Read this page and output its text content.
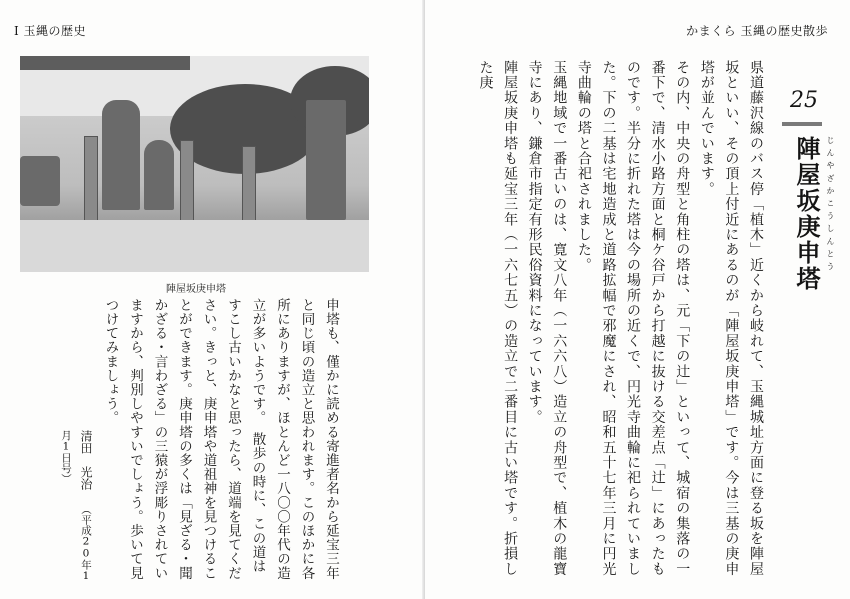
Ⅰ 玉縄の歴史
陣屋坂庚申塔
申塔も、僅かに読める寄進者名から延宝三年と同じ頃の造立と思われます。このほかに各所にありますが、ほとんど一八〇〇年代の造立が多いようです。　散歩の時に、この道はすこし古いかなと思ったら、道端を見てください。きっと、庚申塔や道祖神を見つけることができます。庚申塔の多くは「見ざる・聞かざる・言わざる」の三猿が浮彫りされていますから、判別しやすいでしょう。歩いて見つけてみましょう。
清田　光治 （平成20年1月1日号）
かまくら 玉縄の歴史散歩
25
陣屋坂庚申塔 じんやざかこうしんとう

県道藤沢線のバス停「植木」近くから岐れて、玉縄城址方面に登る坂を陣屋坂といい、その頂上付近にあるのが「陣屋坂庚申塔」です。今は三基の庚申塔が並んでいます。

その内、中央の舟型と角柱の塔は、元「下の辻」といって、城宿の集落の一番下で、清水小路方面と桐ケ谷戸から打越に抜ける交差点「辻」にあったものです。半分に折れた塔は今の場所の近くで、円光寺曲輪に祀られていました。下の二基は宅地造成と道路拡幅で邪魔にされ、昭和五十七年三月に円光寺曲輪の塔と合祀されました。

玉縄地域で一番古いのは、寛文八年（一六六八）造立の舟型で、植木の龍寶寺にあり、鎌倉市指定有形民俗資料になっています。

陣屋坂庚申塔も延宝三年（一六七五）の造立で二番目に古い塔です。折損した庚
